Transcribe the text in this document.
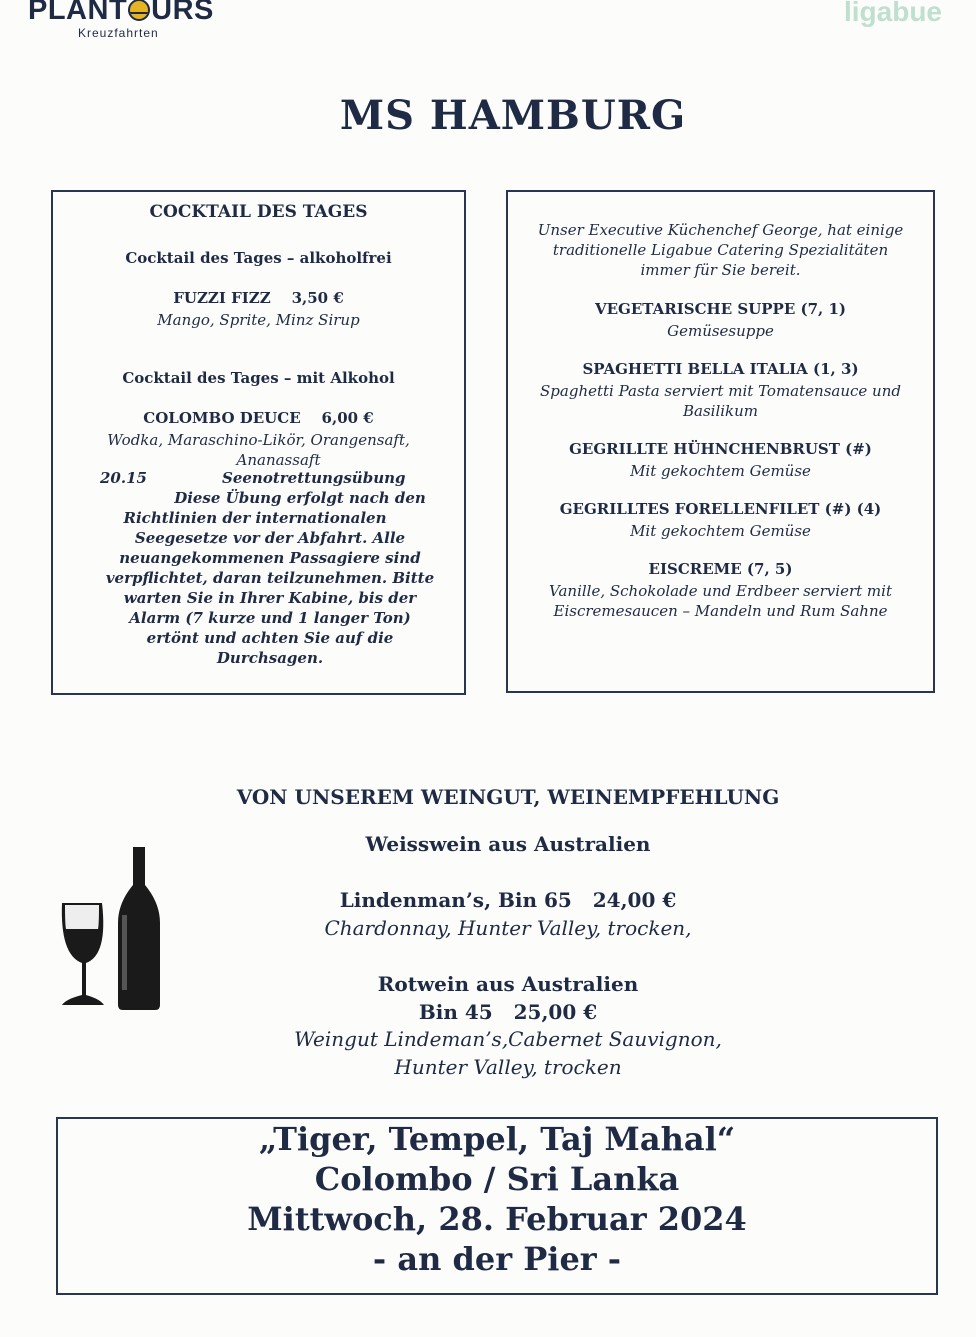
PLANT URS
Kreuzfahrten
ligabue
MS HAMBURG
COCKTAIL DES TAGES
Cocktail des Tages – alkoholfrei
FUZZI FIZZ 3,50 €
Mango, Sprite, Minz Sirup
Cocktail des Tages – mit Alkohol
COLOMBO DEUCE 6,00 €
Wodka, Maraschino-Likör, Orangensaft,
Ananassaft
20.15	Seenotrettungsübung
Diese Übung erfolgt nach den
Richtlinien der internationalen
Seegesetze vor der Abfahrt. Alle
neuangekommenen Passagiere sind
verpflichtet, daran teilzunehmen. Bitte
warten Sie in Ihrer Kabine, bis der
Alarm (7 kurze und 1 langer Ton)
ertönt und achten Sie auf die
Durchsagen.
Unser Executive Küchenchef George, hat einige
traditionelle Ligabue Catering Spezialitäten
immer für Sie bereit.
VEGETARISCHE SUPPE (7, 1)
Gemüsesuppe
SPAGHETTI BELLA ITALIA (1, 3)
Spaghetti Pasta serviert mit Tomatensauce und
Basilikum
GEGRILLTE HÜHNCHENBRUST (#)
Mit gekochtem Gemüse
GEGRILLTES FORELLENFILET (#) (4)
Mit gekochtem Gemüse
EISCREME (7, 5)
Vanille, Schokolade und Erdbeer serviert mit
Eiscremesaucen – Mandeln und Rum Sahne
VON UNSEREM WEINGUT, WEINEMPFEHLUNG
Weisswein aus Australien
Lindenman’s, Bin 65 24,00 €
Chardonnay, Hunter Valley, trocken,
Rotwein aus Australien
Bin 45 25,00 €
Weingut Lindeman’s,Cabernet Sauvignon,
Hunter Valley, trocken
„Tiger, Tempel, Taj Mahal“
Colombo / Sri Lanka
Mittwoch, 28. Februar 2024
- an der Pier -
